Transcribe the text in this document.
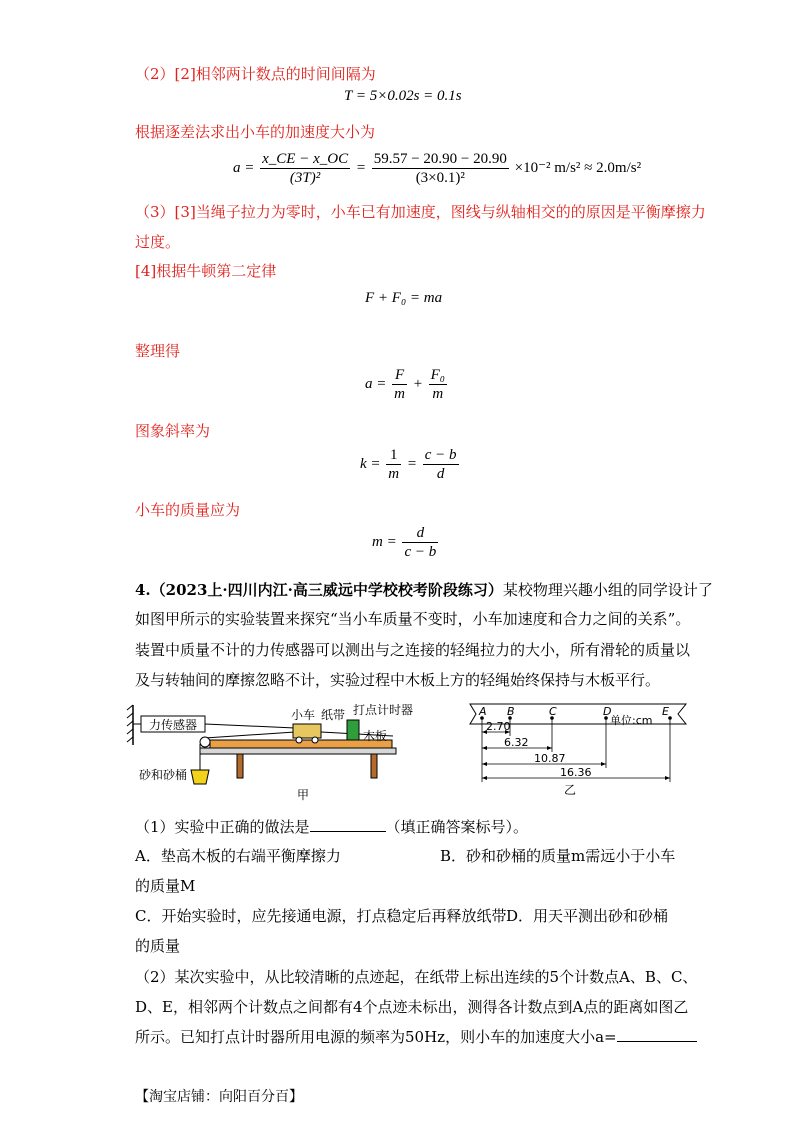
（2）[2]相邻两计数点的时间间隔为
T = 5×0.02s = 0.1s
根据逐差法求出小车的加速度大小为
$a = \frac{x\_CE - x\_OC}{\text{(3T)²}} = \frac{59.57 - 20.90 - 20.90}{\text{(3×0.1)²}} \times 10^{-2}$ m/s² ≈ 2.0m/s²
（3）[3]当绳子拉力为零时，小车已有加速度，图线与纵轴相交的的原因是平衡摩擦力
过度。
[4]根据牛顿第二定律
F + F₀ = ma
整理得
$a = \frac{F}{m} + \frac{\text{F₀}}{m}$
图象斜率为
$k = \frac{1}{m} = \frac{c - b}{d}$
小车的质量应为
$m = \frac{d}{c - b}$
4.（2023上·四川内江·高三威远中学校校考阶段练习）某校物理兴趣小组的同学设计了
如图甲所示的实验装置来探究“当小车质量不变时，小车加速度和合力之间的关系”。
装置中质量不计的力传感器可以测出与之连接的轻绳拉力的大小，所有滑轮的质量以
及与转轴间的摩擦忽略不计，实验过程中木板上方的轻绳始终保持与木板平行。
力传感器
小车 纸带 打点计时器
木板
砂和砂桶
甲
A B	C	D	E
单位:cm
2.70
6.32
10.87
16.36
乙
（1）实验中正确的做法是	（填正确答案标号）。
A．垫高木板的右端平衡摩擦力	B．砂和砂桶的质量m需远小于小车
的质量M
C．开始实验时，应先接通电源，打点稳定后再释放纸带 D．用天平测出砂和砂桶
的质量
（2）某次实验中，从比较清晰的点迹起，在纸带上标出连续的5个计数点A、B、C、
D、E，相邻两个计数点之间都有4个点迹未标出，测得各计数点到A点的距离如图乙
所示。已知打点计时器所用电源的频率为50Hz，则小车的加速度大小a=
【淘宝店铺：向阳百分百】
